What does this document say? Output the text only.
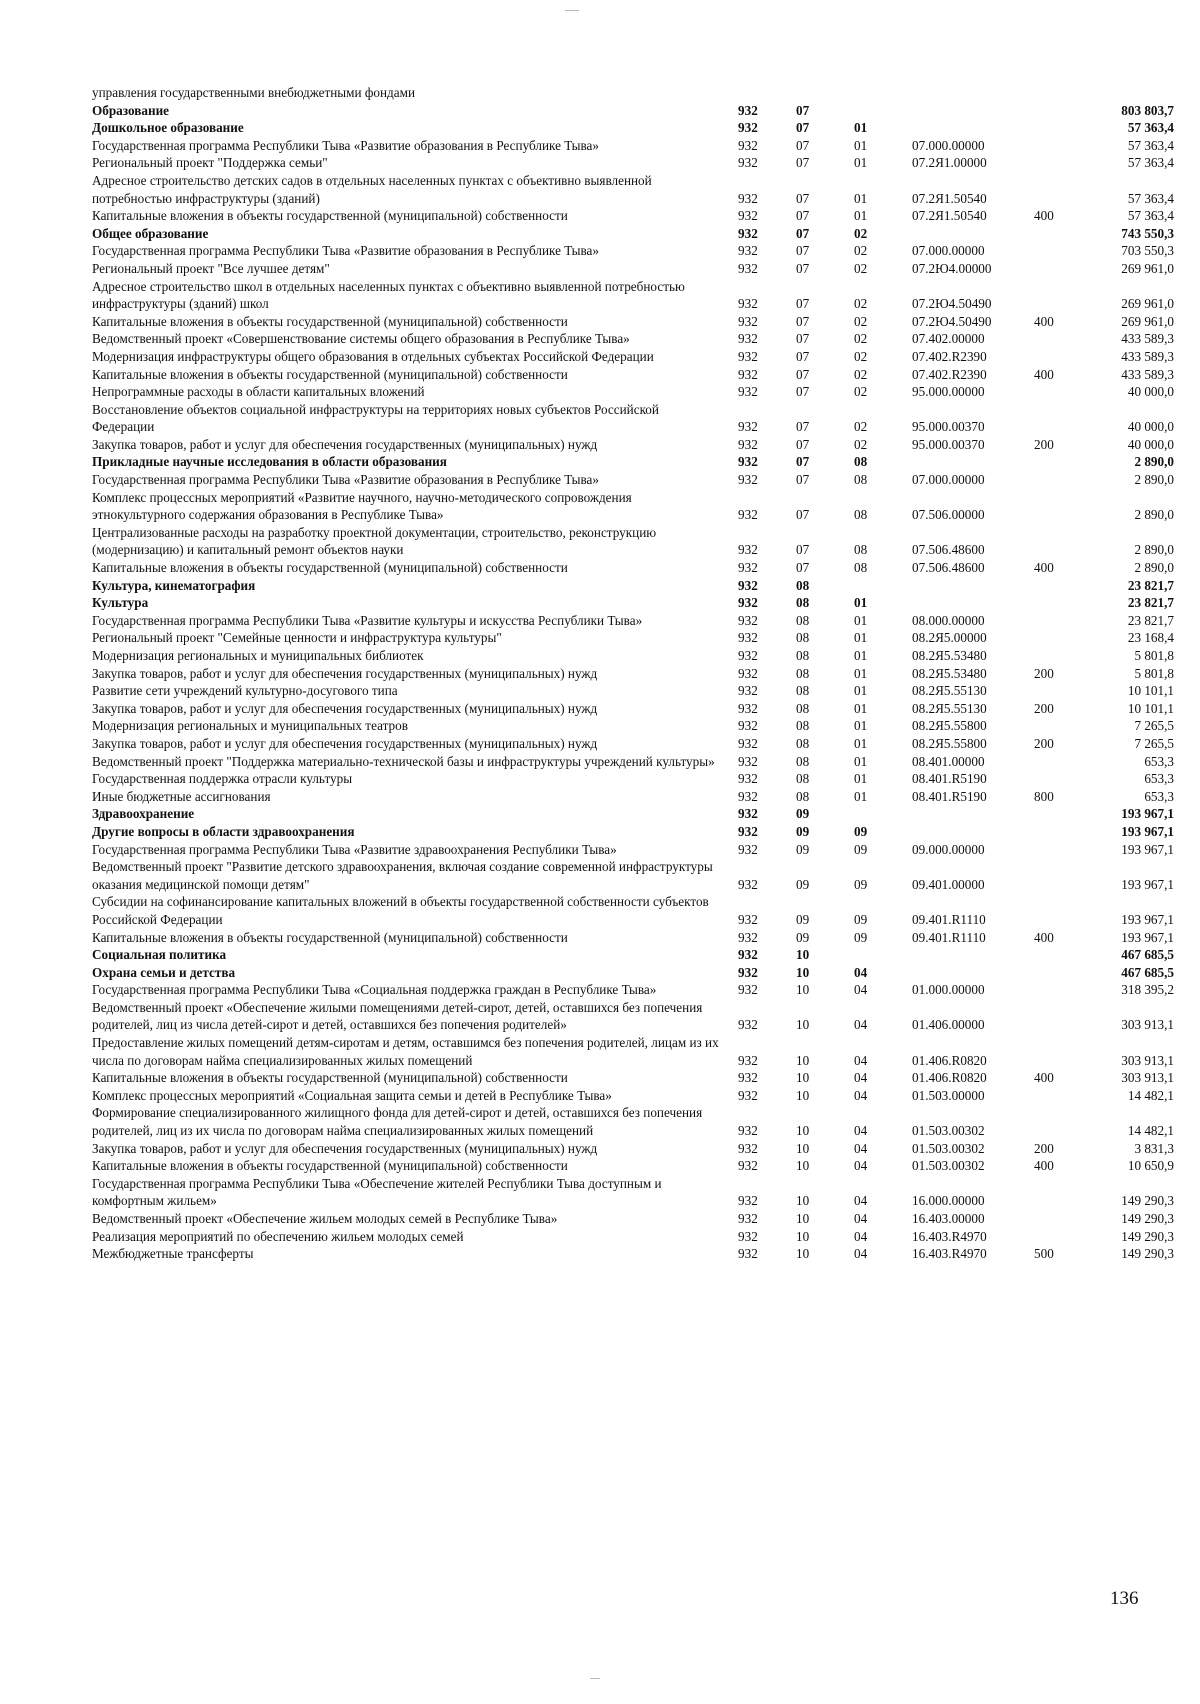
управления государственными внебюджетными фондами						
Образование	932	07				803 803,7
Дошкольное образование	932	07	01			57 363,4
Государственная программа Республики Тыва «Развитие образования в Республике Тыва»	932	07	01	07.000.00000		57 363,4
Региональный проект "Поддержка семьи"	932	07	01	07.2Я1.00000		57 363,4
Адресное строительство детских садов в отдельных населенных пунктах с объективно выявленной потребностью инфраструктуры (зданий)	932	07	01	07.2Я1.50540		57 363,4
Капитальные вложения в объекты государственной (муниципальной) собственности	932	07	01	07.2Я1.50540	400	57 363,4
Общее образование	932	07	02			743 550,3
Государственная программа Республики Тыва «Развитие образования в Республике Тыва»	932	07	02	07.000.00000		703 550,3
Региональный проект "Все лучшее детям"	932	07	02	07.2Ю4.00000		269 961,0
Адресное строительство школ в отдельных населенных пунктах с объективно выявленной потребностью инфраструктуры (зданий) школ	932	07	02	07.2Ю4.50490		269 961,0
Капитальные вложения в объекты государственной (муниципальной) собственности	932	07	02	07.2Ю4.50490	400	269 961,0
Ведомственный проект «Совершенствование системы общего образования в Республике Тыва»	932	07	02	07.402.00000		433 589,3
Модернизация инфраструктуры общего образования в отдельных субъектах Российской Федерации	932	07	02	07.402.R2390		433 589,3
Капитальные вложения в объекты государственной (муниципальной) собственности	932	07	02	07.402.R2390	400	433 589,3
Непрограммные расходы в области капитальных вложений	932	07	02	95.000.00000		40 000,0
Восстановление объектов социальной инфраструктуры на территориях новых субъектов Российской Федерации	932	07	02	95.000.00370		40 000,0
Закупка товаров, работ и услуг для обеспечения государственных (муниципальных) нужд	932	07	02	95.000.00370	200	40 000,0
Прикладные научные исследования в области образования	932	07	08			2 890,0
Государственная программа Республики Тыва «Развитие образования в Республике Тыва»	932	07	08	07.000.00000		2 890,0
Комплекс процессных мероприятий «Развитие научного, научно-методического сопровождения этнокультурного содержания образования в Республике Тыва»	932	07	08	07.506.00000		2 890,0
Централизованные расходы на разработку проектной документации, строительство, реконструкцию (модернизацию) и капитальный ремонт объектов науки	932	07	08	07.506.48600		2 890,0
Капитальные вложения в объекты государственной (муниципальной) собственности	932	07	08	07.506.48600	400	2 890,0
Культура, кинематография	932	08				23 821,7
Культура	932	08	01			23 821,7
Государственная программа Республики Тыва «Развитие культуры и искусства Республики Тыва»	932	08	01	08.000.00000		23 821,7
Региональный проект "Семейные ценности и инфраструктура культуры"	932	08	01	08.2Я5.00000		23 168,4
Модернизация региональных и муниципальных библиотек	932	08	01	08.2Я5.53480		5 801,8
Закупка товаров, работ и услуг для обеспечения государственных (муниципальных) нужд	932	08	01	08.2Я5.53480	200	5 801,8
Развитие сети учреждений культурно-досугового типа	932	08	01	08.2Я5.55130		10 101,1
Закупка товаров, работ и услуг для обеспечения государственных (муниципальных) нужд	932	08	01	08.2Я5.55130	200	10 101,1
Модернизация региональных и муниципальных театров	932	08	01	08.2Я5.55800		7 265,5
Закупка товаров, работ и услуг для обеспечения государственных (муниципальных) нужд	932	08	01	08.2Я5.55800	200	7 265,5
Ведомственный проект "Поддержка материально-технической базы и инфраструктуры учреждений культуры»	932	08	01	08.401.00000		653,3
Государственная поддержка отрасли культуры	932	08	01	08.401.R5190		653,3
Иные бюджетные ассигнования	932	08	01	08.401.R5190	800	653,3
Здравоохранение	932	09				193 967,1
Другие вопросы в области здравоохранения	932	09	09			193 967,1
Государственная программа Республики Тыва «Развитие здравоохранения Республики Тыва»	932	09	09	09.000.00000		193 967,1
Ведомственный проект "Развитие детского здравоохранения, включая создание современной инфраструктуры оказания медицинской помощи детям"	932	09	09	09.401.00000		193 967,1
Субсидии на софинансирование капитальных вложений в объекты государственной собственности субъектов Российской Федерации	932	09	09	09.401.R1110		193 967,1
Капитальные вложения в объекты государственной (муниципальной) собственности	932	09	09	09.401.R1110	400	193 967,1
Социальная политика	932	10				467 685,5
Охрана семьи и детства	932	10	04			467 685,5
Государственная программа Республики Тыва «Социальная поддержка граждан в Республике Тыва»	932	10	04	01.000.00000		318 395,2
Ведомственный проект «Обеспечение жилыми помещениями детей-сирот, детей, оставшихся без попечения родителей, лиц из числа детей-сирот и детей, оставшихся без попечения родителей»	932	10	04	01.406.00000		303 913,1
Предоставление жилых помещений детям-сиротам и детям, оставшимся без попечения родителей, лицам из их числа по договорам найма специализированных жилых помещений	932	10	04	01.406.R0820		303 913,1
Капитальные вложения в объекты государственной (муниципальной) собственности	932	10	04	01.406.R0820	400	303 913,1
Комплекс процессных мероприятий «Социальная защита семьи и детей в Республике Тыва»	932	10	04	01.503.00000		14 482,1
Формирование специализированного жилищного фонда для детей-сирот и детей, оставшихся без попечения родителей, лиц из их числа по договорам найма специализированных жилых помещений	932	10	04	01.503.00302		14 482,1
Закупка товаров, работ и услуг для обеспечения государственных (муниципальных) нужд	932	10	04	01.503.00302	200	3 831,3
Капитальные вложения в объекты государственной (муниципальной) собственности	932	10	04	01.503.00302	400	10 650,9
Государственная программа Республики Тыва «Обеспечение жителей Республики Тыва доступным и комфортным жильем»	932	10	04	16.000.00000		149 290,3
Ведомственный проект «Обеспечение жильем молодых семей в Республике Тыва»	932	10	04	16.403.00000		149 290,3
Реализация мероприятий по обеспечению жильем молодых семей	932	10	04	16.403.R4970		149 290,3
Межбюджетные трансферты	932	10	04	16.403.R4970	500	149 290,3
136
